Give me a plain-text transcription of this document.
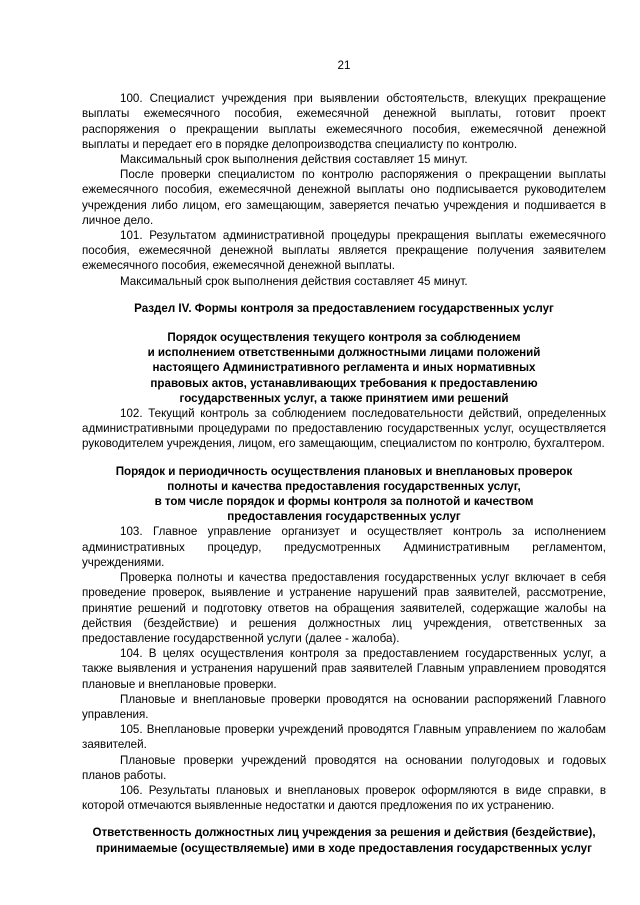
21

100. Специалист учреждения при выявлении обстоятельств, влекущих прекращение выплаты ежемесячного пособия, ежемесячной денежной выплаты, готовит проект распоряжения о прекращении выплаты ежемесячного пособия, ежемесячной денежной выплаты и передает его в порядке делопроизводства специалисту по контролю.

Максимальный срок выполнения действия составляет 15 минут.

После проверки специалистом по контролю распоряжения о прекращении выплаты ежемесячного пособия, ежемесячной денежной выплаты оно подписывается руководителем учреждения либо лицом, его замещающим, заверяется печатью учреждения и подшивается в личное дело.

101. Результатом административной процедуры прекращения выплаты ежемесячного пособия, ежемесячной денежной выплаты является прекращение получения заявителем ежемесячного пособия, ежемесячной денежной выплаты.

Максимальный срок выполнения действия составляет 45 минут.

Раздел IV. Формы контроля за предоставлением государственных услуг
Порядок осуществления текущего контроля за соблюдением
и исполнением ответственными должностными лицами положений
настоящего Административного регламента и иных нормативных
правовых актов, устанавливающих требования к предоставлению
государственных услуг, а также принятием ими решений

102. Текущий контроль за соблюдением последовательности действий, определенных административными процедурами по предоставлению государственных услуг, осуществляется руководителем учреждения, лицом, его замещающим, специалистом по контролю, бухгалтером.

Порядок и периодичность осуществления плановых и внеплановых проверок
полноты и качества предоставления государственных услуг,
в том числе порядок и формы контроля за полнотой и качеством
предоставления государственных услуг

103. Главное управление организует и осуществляет контроль за исполнением административных процедур, предусмотренных Административным регламентом, учреждениями.

Проверка полноты и качества предоставления государственных услуг включает в себя проведение проверок, выявление и устранение нарушений прав заявителей, рассмотрение, принятие решений и подготовку ответов на обращения заявителей, содержащие жалобы на действия (бездействие) и решения должностных лиц учреждения, ответственных за предоставление государственной услуги (далее - жалоба).

104. В целях осуществления контроля за предоставлением государственных услуг, а также выявления и устранения нарушений прав заявителей Главным управлением проводятся плановые и внеплановые проверки.

Плановые и внеплановые проверки проводятся на основании распоряжений Главного управления.

105. Внеплановые проверки учреждений проводятся Главным управлением по жалобам заявителей.

Плановые проверки учреждений проводятся на основании полугодовых и годовых планов работы.

106. Результаты плановых и внеплановых проверок оформляются в виде справки, в которой отмечаются выявленные недостатки и даются предложения по их устранению.

Ответственность должностных лиц учреждения за решения и действия (бездействие),
принимаемые (осуществляемые) ими в ходе предоставления государственных услуг
